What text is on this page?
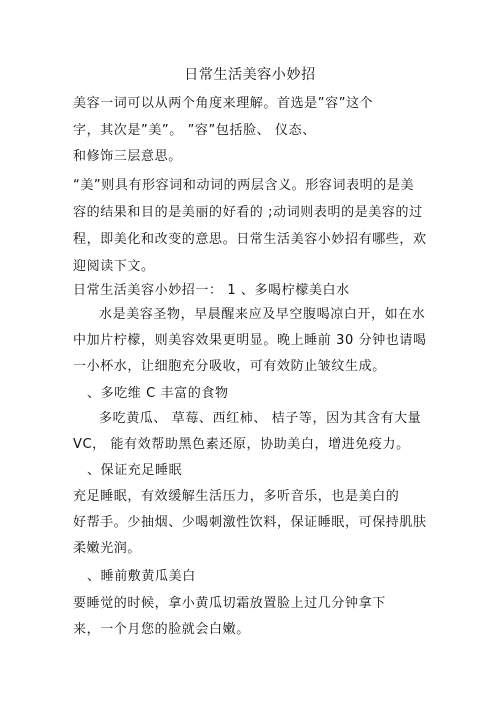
日常生活美容小妙招
美容一词可以从两个角度来理解。首选是”容”这个
字，其次是”美”。 ”容”包括脸、 仪态、
和修饰三层意思。
“美”则具有形容词和动词的两层含义。形容词表明的是美
容的结果和目的是美丽的好看的 ;动词则表明的是美容的过
程，即美化和改变的意思。日常生活美容小妙招有哪些，欢
迎阅读下文。
日常生活美容小妙招一： 1 、多喝柠檬美白水
水是美容圣物，早晨醒来应及早空腹喝凉白开，如在水
中加片柠檬，则美容效果更明显。晚上睡前 30 分钟也请喝
一小杯水，让细胞充分吸收，可有效防止皱纹生成。
、多吃维 C 丰富的食物
多吃黄瓜、 草莓、西红柿、 桔子等，因为其含有大量
VC， 能有效帮助黑色素还原，协助美白，增进免疫力。
、保证充足睡眠
充足睡眠，有效缓解生活压力，多听音乐，也是美白的
好帮手。少抽烟、少喝刺激性饮料，保证睡眠，可保持肌肤
柔嫩光润。
、睡前敷黄瓜美白
要睡觉的时候，拿小黄瓜切霜放置脸上过几分钟拿下
来，一个月您的脸就会白嫩。
